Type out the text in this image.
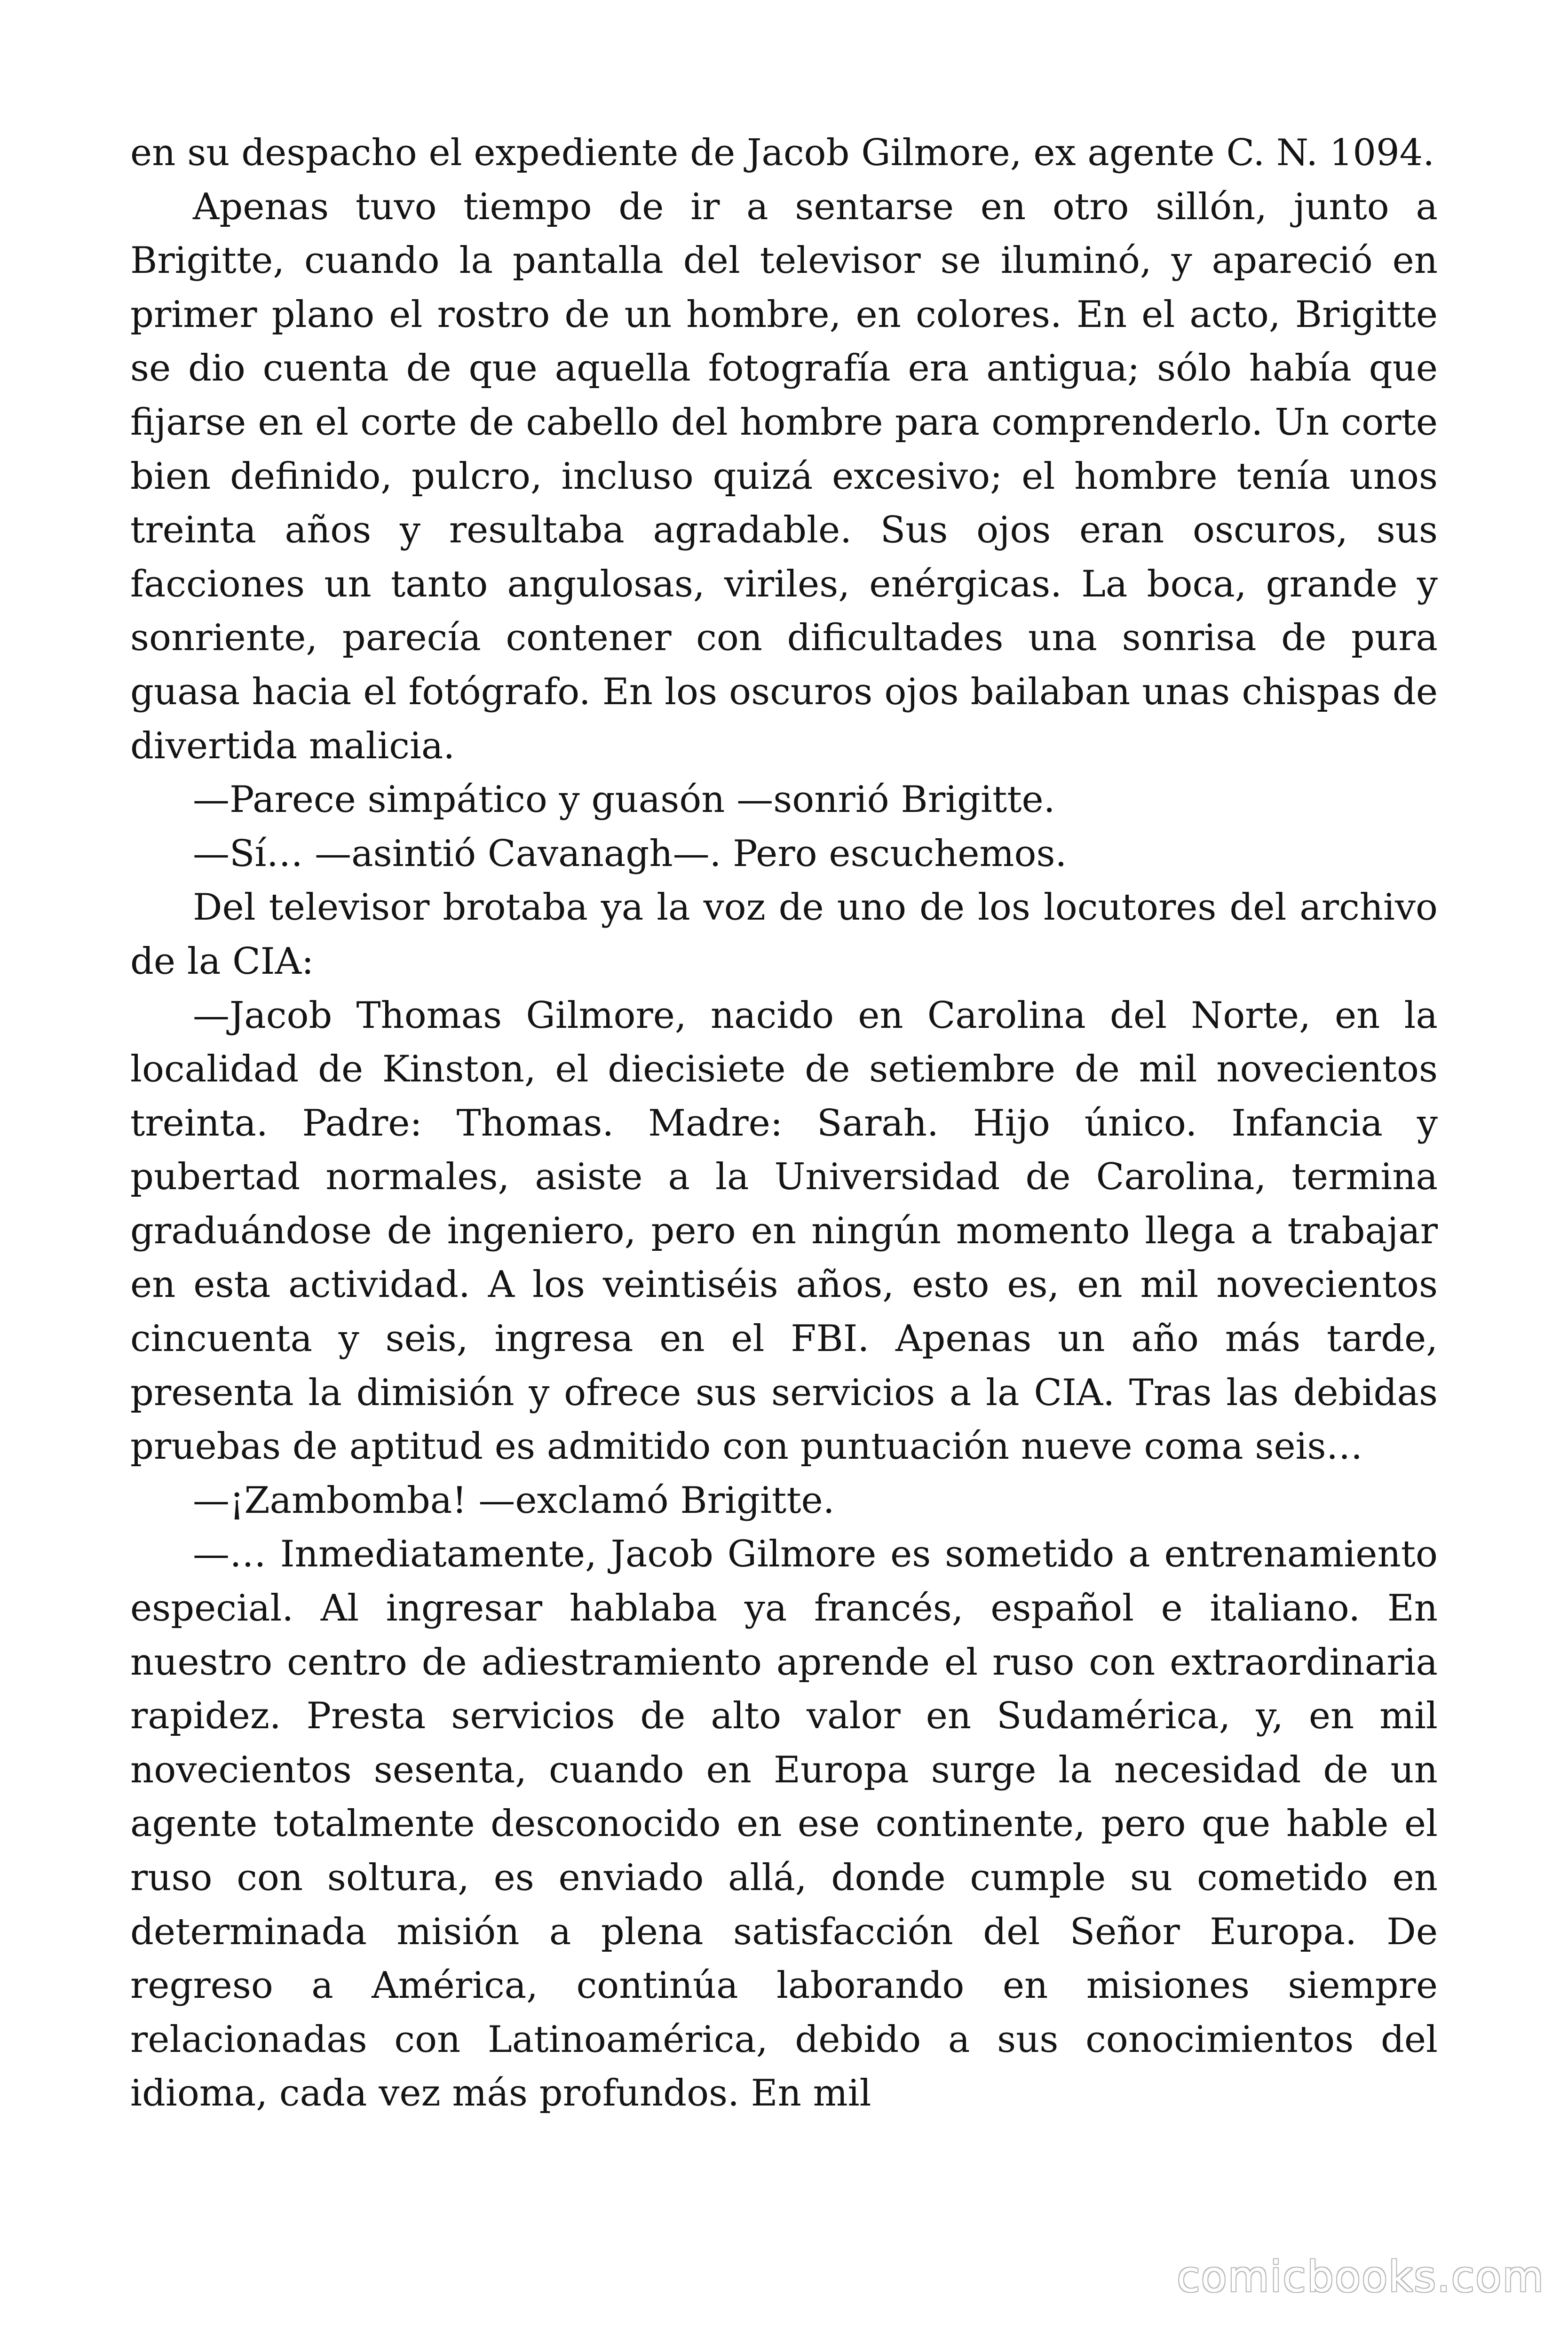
en su despacho el expediente de Jacob Gilmore, ex agente C. N. 1094.

Apenas tuvo tiempo de ir a sentarse en otro sillón, junto a Brigitte, cuando la pantalla del televisor se iluminó, y apareció en primer plano el rostro de un hombre, en colores. En el acto, Brigitte se dio cuenta de que aquella fotografía era antigua; sólo había que fijarse en el corte de cabello del hombre para comprenderlo. Un corte bien definido, pulcro, incluso quizá excesivo; el hombre tenía unos treinta años y resultaba agradable. Sus ojos eran oscuros, sus facciones un tanto angulosas, viriles, enérgicas. La boca, grande y sonriente, parecía contener con dificultades una sonrisa de pura guasa hacia el fotógrafo. En los oscuros ojos bailaban unas chispas de divertida malicia.

—Parece simpático y guasón —sonrió Brigitte.

—Sí… —asintió Cavanagh—. Pero escuchemos.

Del televisor brotaba ya la voz de uno de los locutores del archivo de la CIA:

—Jacob Thomas Gilmore, nacido en Carolina del Norte, en la localidad de Kinston, el diecisiete de setiembre de mil novecientos treinta. Padre: Thomas. Madre: Sarah. Hijo único. Infancia y pubertad normales, asiste a la Universidad de Carolina, termina graduándose de ingeniero, pero en ningún momento llega a trabajar en esta actividad. A los veintiséis años, esto es, en mil novecientos cincuenta y seis, ingresa en el FBI. Apenas un año más tarde, presenta la dimisión y ofrece sus servicios a la CIA. Tras las debidas pruebas de aptitud es admitido con puntuación nueve coma seis…

—¡Zambomba! —exclamó Brigitte.

—… Inmediatamente, Jacob Gilmore es sometido a entrenamiento especial. Al ingresar hablaba ya francés, español e italiano. En nuestro centro de adiestramiento aprende el ruso con extraordinaria rapidez. Presta servicios de alto valor en Sudamérica, y, en mil novecientos sesenta, cuando en Europa surge la necesidad de un agente totalmente desconocido en ese continente, pero que hable el ruso con soltura, es enviado allá, donde cumple su cometido en determinada misión a plena satisfacción del Señor Europa. De regreso a América, continúa laborando en misiones siempre relacionadas con Latinoamérica, debido a sus conocimientos del idioma, cada vez más profundos. En mil

comicbooks.com
